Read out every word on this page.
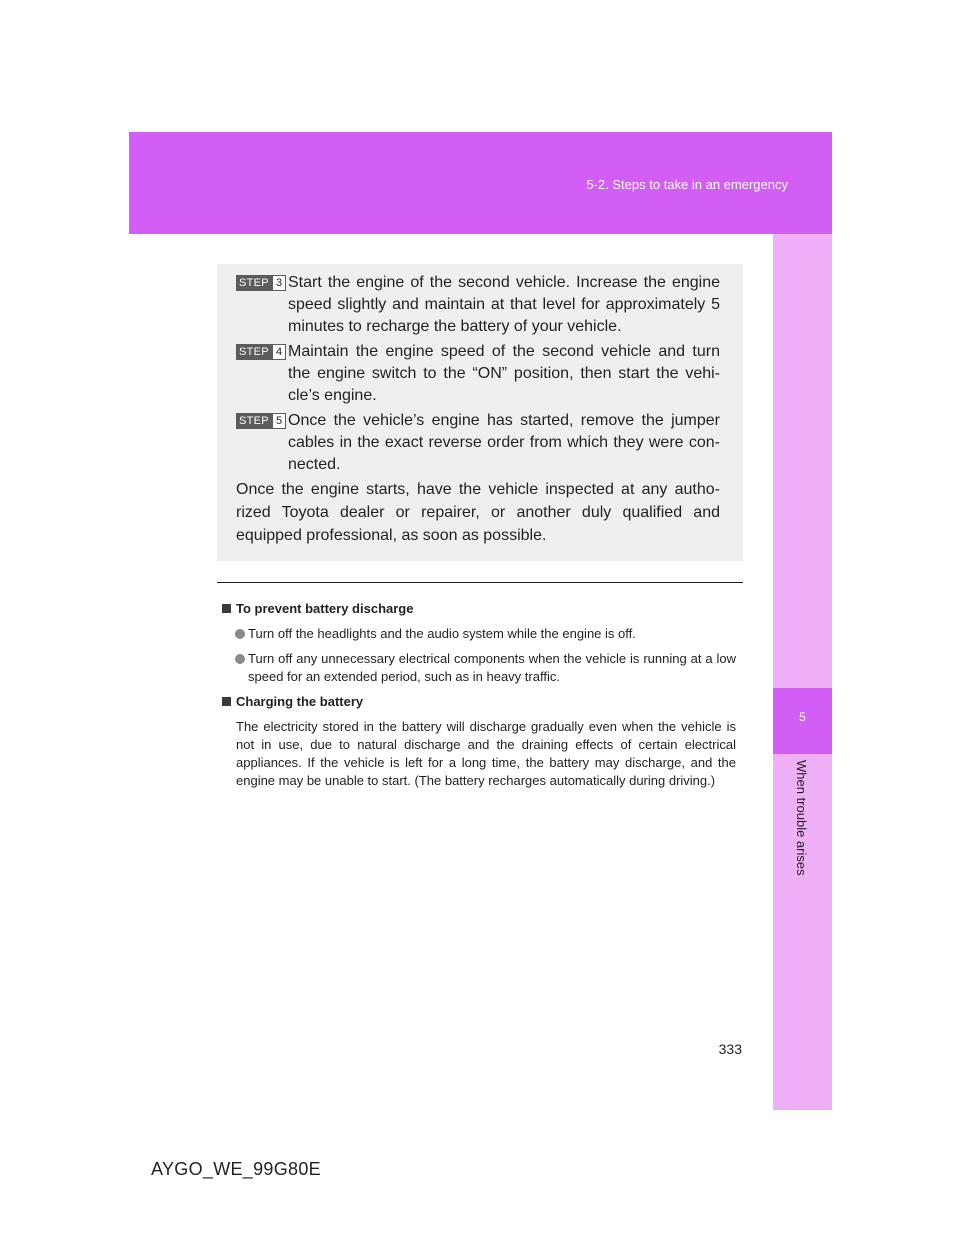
5-2. Steps to take in an emergency
5
When trouble arises
STEP 3 Start the engine of the second vehicle. Increase the engine speed slightly and maintain at that level for approximately 5 minutes to recharge the battery of your vehicle.
STEP 4 Maintain the engine speed of the second vehicle and turn the engine switch to the “ON” position, then start the vehicle’s engine.
STEP 5 Once the vehicle’s engine has started, remove the jumper cables in the exact reverse order from which they were connected.
Once the engine starts, have the vehicle inspected at any authorized Toyota dealer or repairer, or another duly qualified and equipped professional, as soon as possible.
To prevent battery discharge
Turn off the headlights and the audio system while the engine is off.
Turn off any unnecessary electrical components when the vehicle is running at a low speed for an extended period, such as in heavy traffic.
Charging the battery

The electricity stored in the battery will discharge gradually even when the vehicle is not in use, due to natural discharge and the draining effects of certain electrical appliances. If the vehicle is left for a long time, the battery may discharge, and the engine may be unable to start. (The battery recharges automatically during driving.)

333
AYGO_WE_99G80E
